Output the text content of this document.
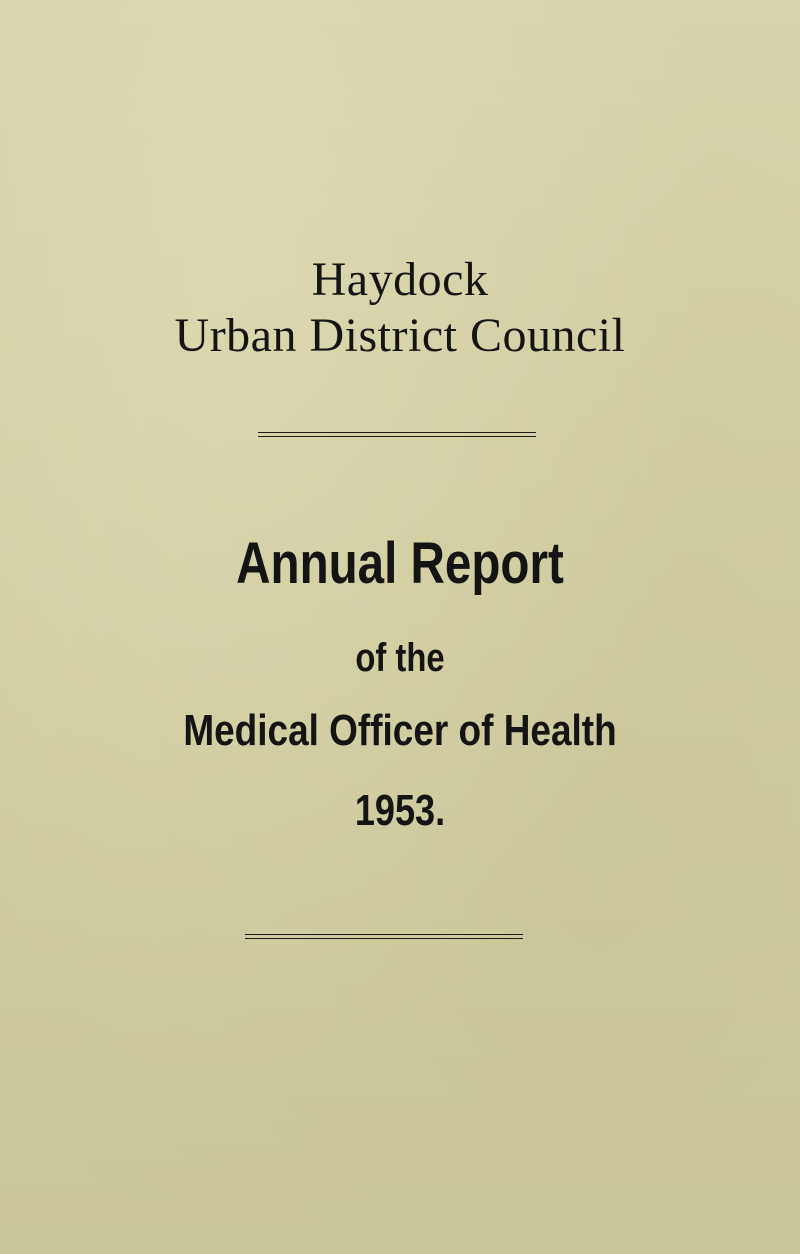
Haydock
Urban District Council
Annual Report
of the
Medical Officer of Health
1953.
